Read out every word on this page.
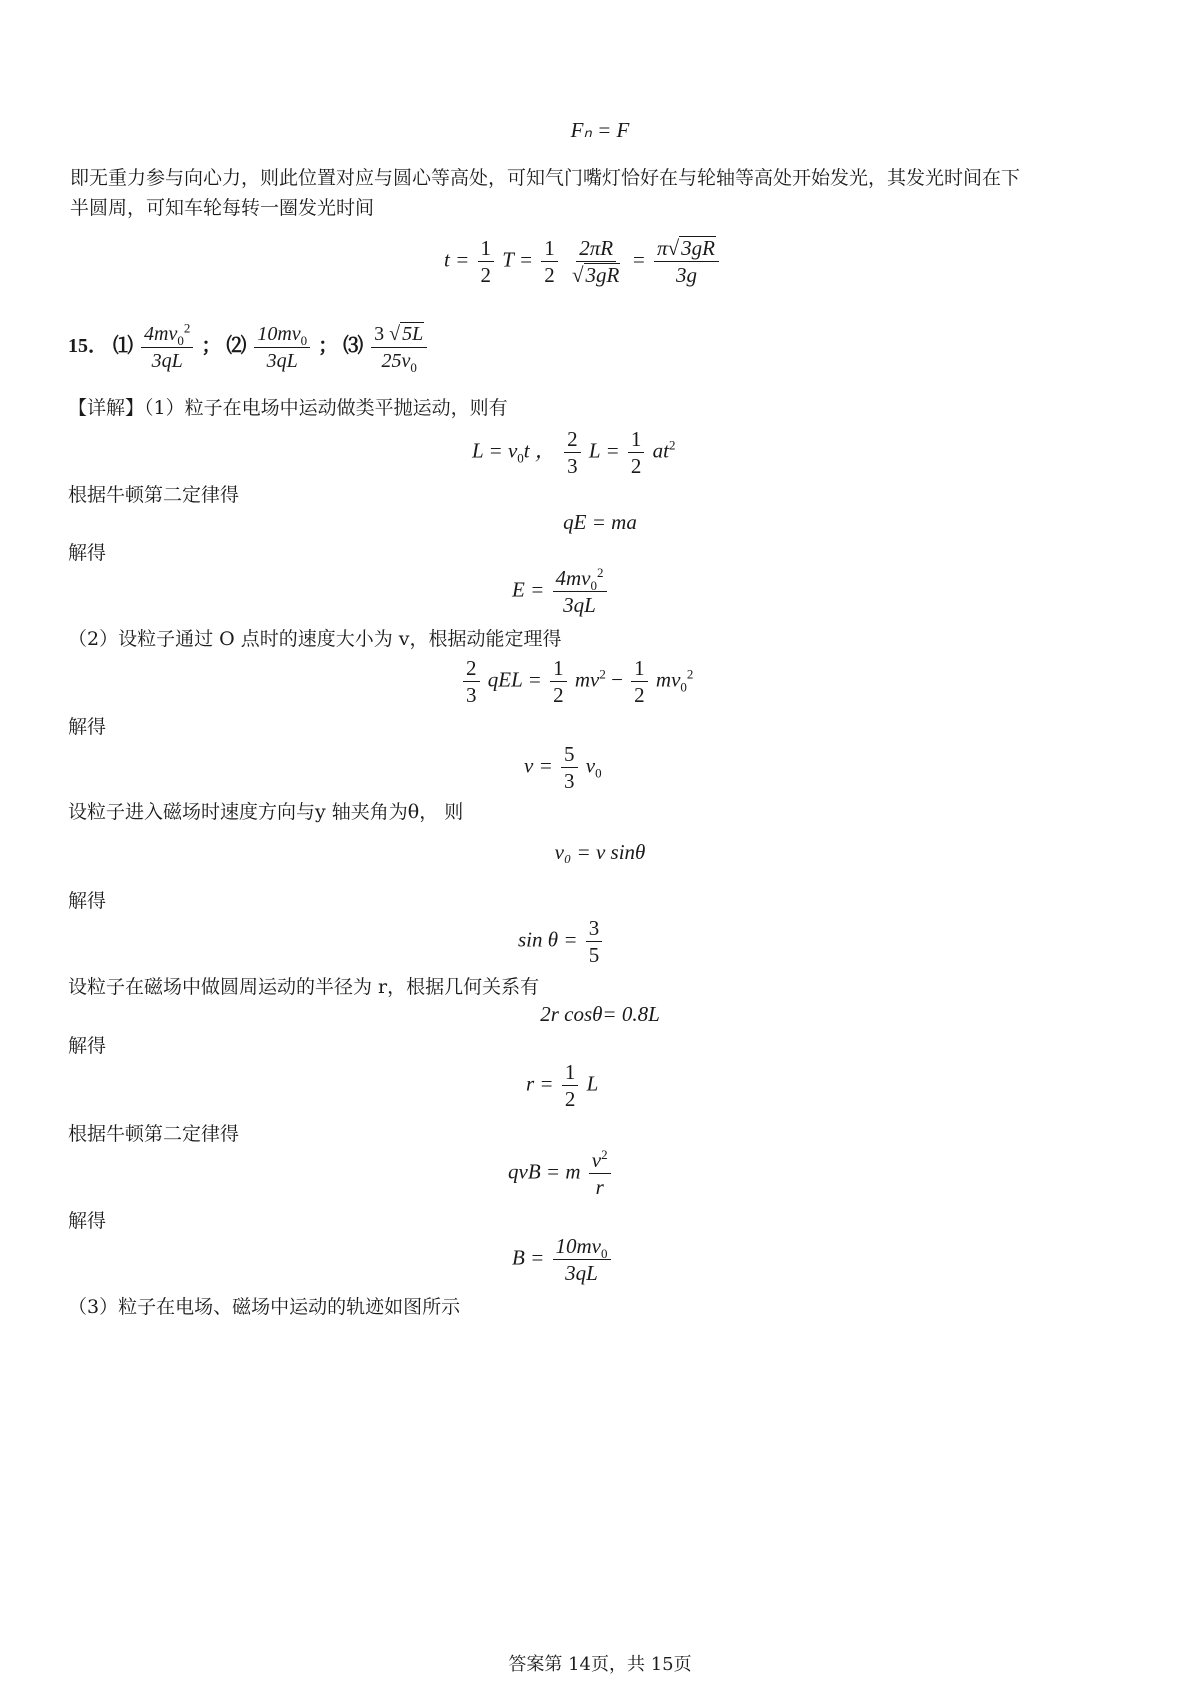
Fₙ = F
即无重力参与向心力，则此位置对应与圆心等高处，可知气门嘴灯恰好在与轮轴等高处开始发光，其发光时间在下
半圆周，可知车轮每转一圈发光时间
$t = \frac{1}{2}$ $T = \frac{1}{2}$
$\frac{2\pi R}{√3gR} = \frac{\pi√3gR}{3g}$
15． ⑴ $\frac{4mv_0^2}{3qL}$ ； ⑵ $\frac{10mv_0}{3qL}$ ； ⑶ $\frac{3 √ 5L}{25v_0}$
【详解】（1）粒子在电场中运动做类平抛运动，则有
$L = v_0t$ ， $\frac{2}{3}$ $L = \frac{1}{2} at^2$
根据牛顿第二定律得
qE = ma
解得
$E = \frac{4mv_0^2}{3qL}$
（2）设粒子通过 O 点时的速度大小为 v，根据动能定理得
$\frac{2}{3}$ qEL = $\frac{1}{2} mv^2 - \frac{1}{2} mv_0^2$
解得
$v = \frac{5}{3} v_0$
设粒子进入磁场时速度方向与y 轴夹角为θ， 则
v₀ = v sinθ
解得
$\sin \theta = \frac{3}{5}$
设粒子在磁场中做圆周运动的半径为 r，根据几何关系有
2r cosθ= 0.8L
解得
$r = \frac{1}{2}$ L
根据牛顿第二定律得
qvB = m $\frac{v^2}{r}$
解得
$B = \frac{10mv_0}{3qL}$
（3）粒子在电场、磁场中运动的轨迹如图所示
答案第 14页，共 15页
